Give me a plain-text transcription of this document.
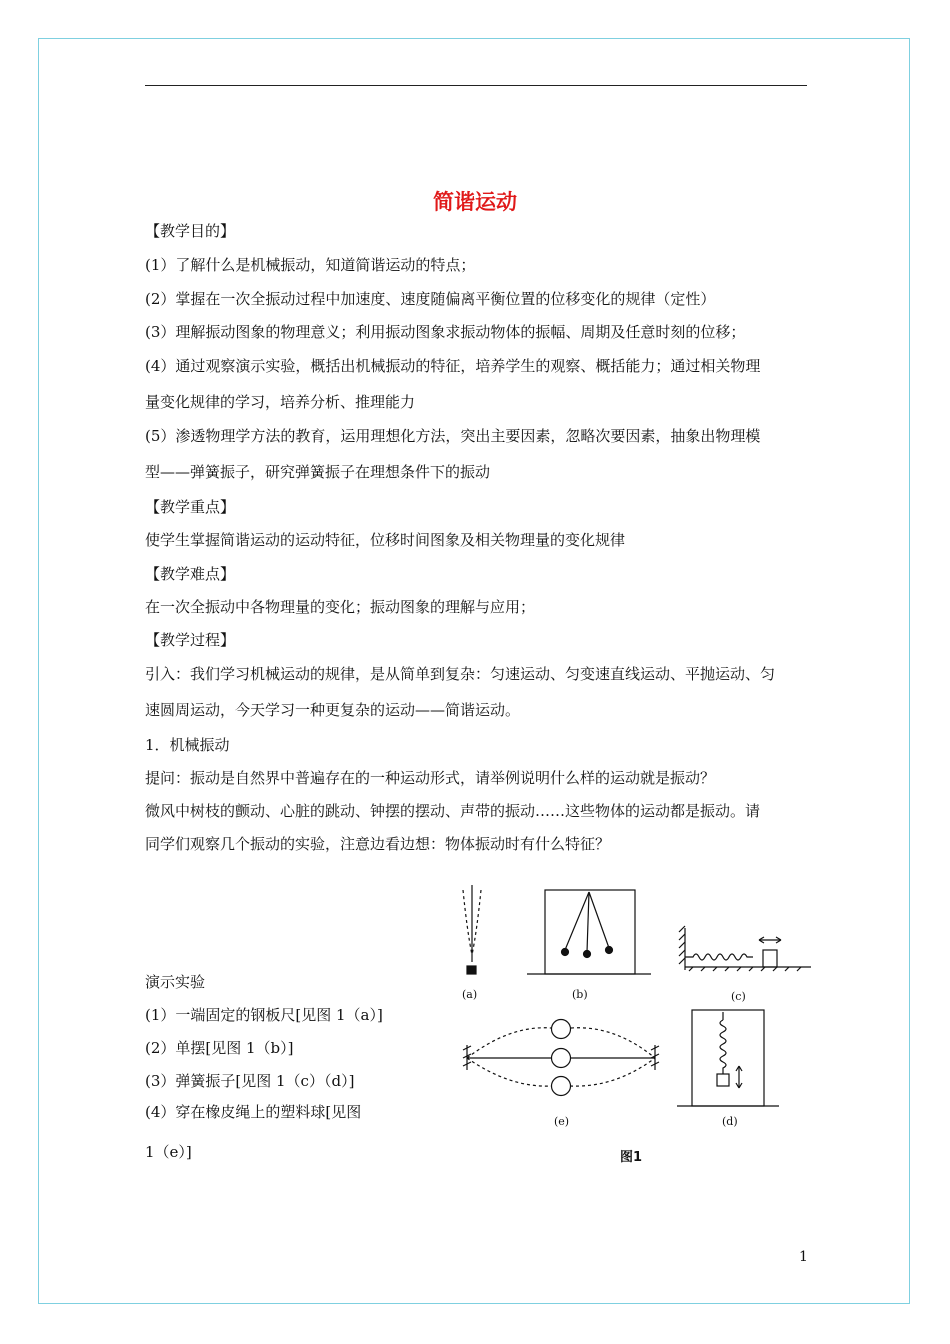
简谐运动
【教学目的】
(1）了解什么是机械振动，知道简谐运动的特点；
(2）掌握在一次全振动过程中加速度、速度随偏离平衡位置的位移变化的规律（定性）
(3）理解振动图象的物理意义；利用振动图象求振动物体的振幅、周期及任意时刻的位移；
(4）通过观察演示实验，概括出机械振动的特征，培养学生的观察、概括能力；通过相关物理
量变化规律的学习，培养分析、推理能力
(5）渗透物理学方法的教育，运用理想化方法，突出主要因素，忽略次要因素，抽象出物理模
型——弹簧振子，研究弹簧振子在理想条件下的振动
【教学重点】
使学生掌握简谐运动的运动特征，位移时间图象及相关物理量的变化规律
【教学难点】
在一次全振动中各物理量的变化；振动图象的理解与应用；
【教学过程】
引入：我们学习机械运动的规律，是从简单到复杂：匀速运动、匀变速直线运动、平抛运动、匀
速圆周运动，今天学习一种更复杂的运动——简谐运动。
1．机械振动
提问：振动是自然界中普遍存在的一种运动形式，请举例说明什么样的运动就是振动？
微风中树枝的颤动、心脏的跳动、钟摆的摆动、声带的振动……这些物体的运动都是振动。请
同学们观察几个振动的实验，注意边看边想：物体振动时有什么特征？
演示实验
(1）一端固定的钢板尺[见图 1（a）]
(2）单摆[见图 1（b）]
(3）弹簧振子[见图 1（c）（d）]
(4）穿在橡皮绳上的塑料球[见图
1（e）]
(a)	(b)	(c)
(e)	(d)
图1
1
